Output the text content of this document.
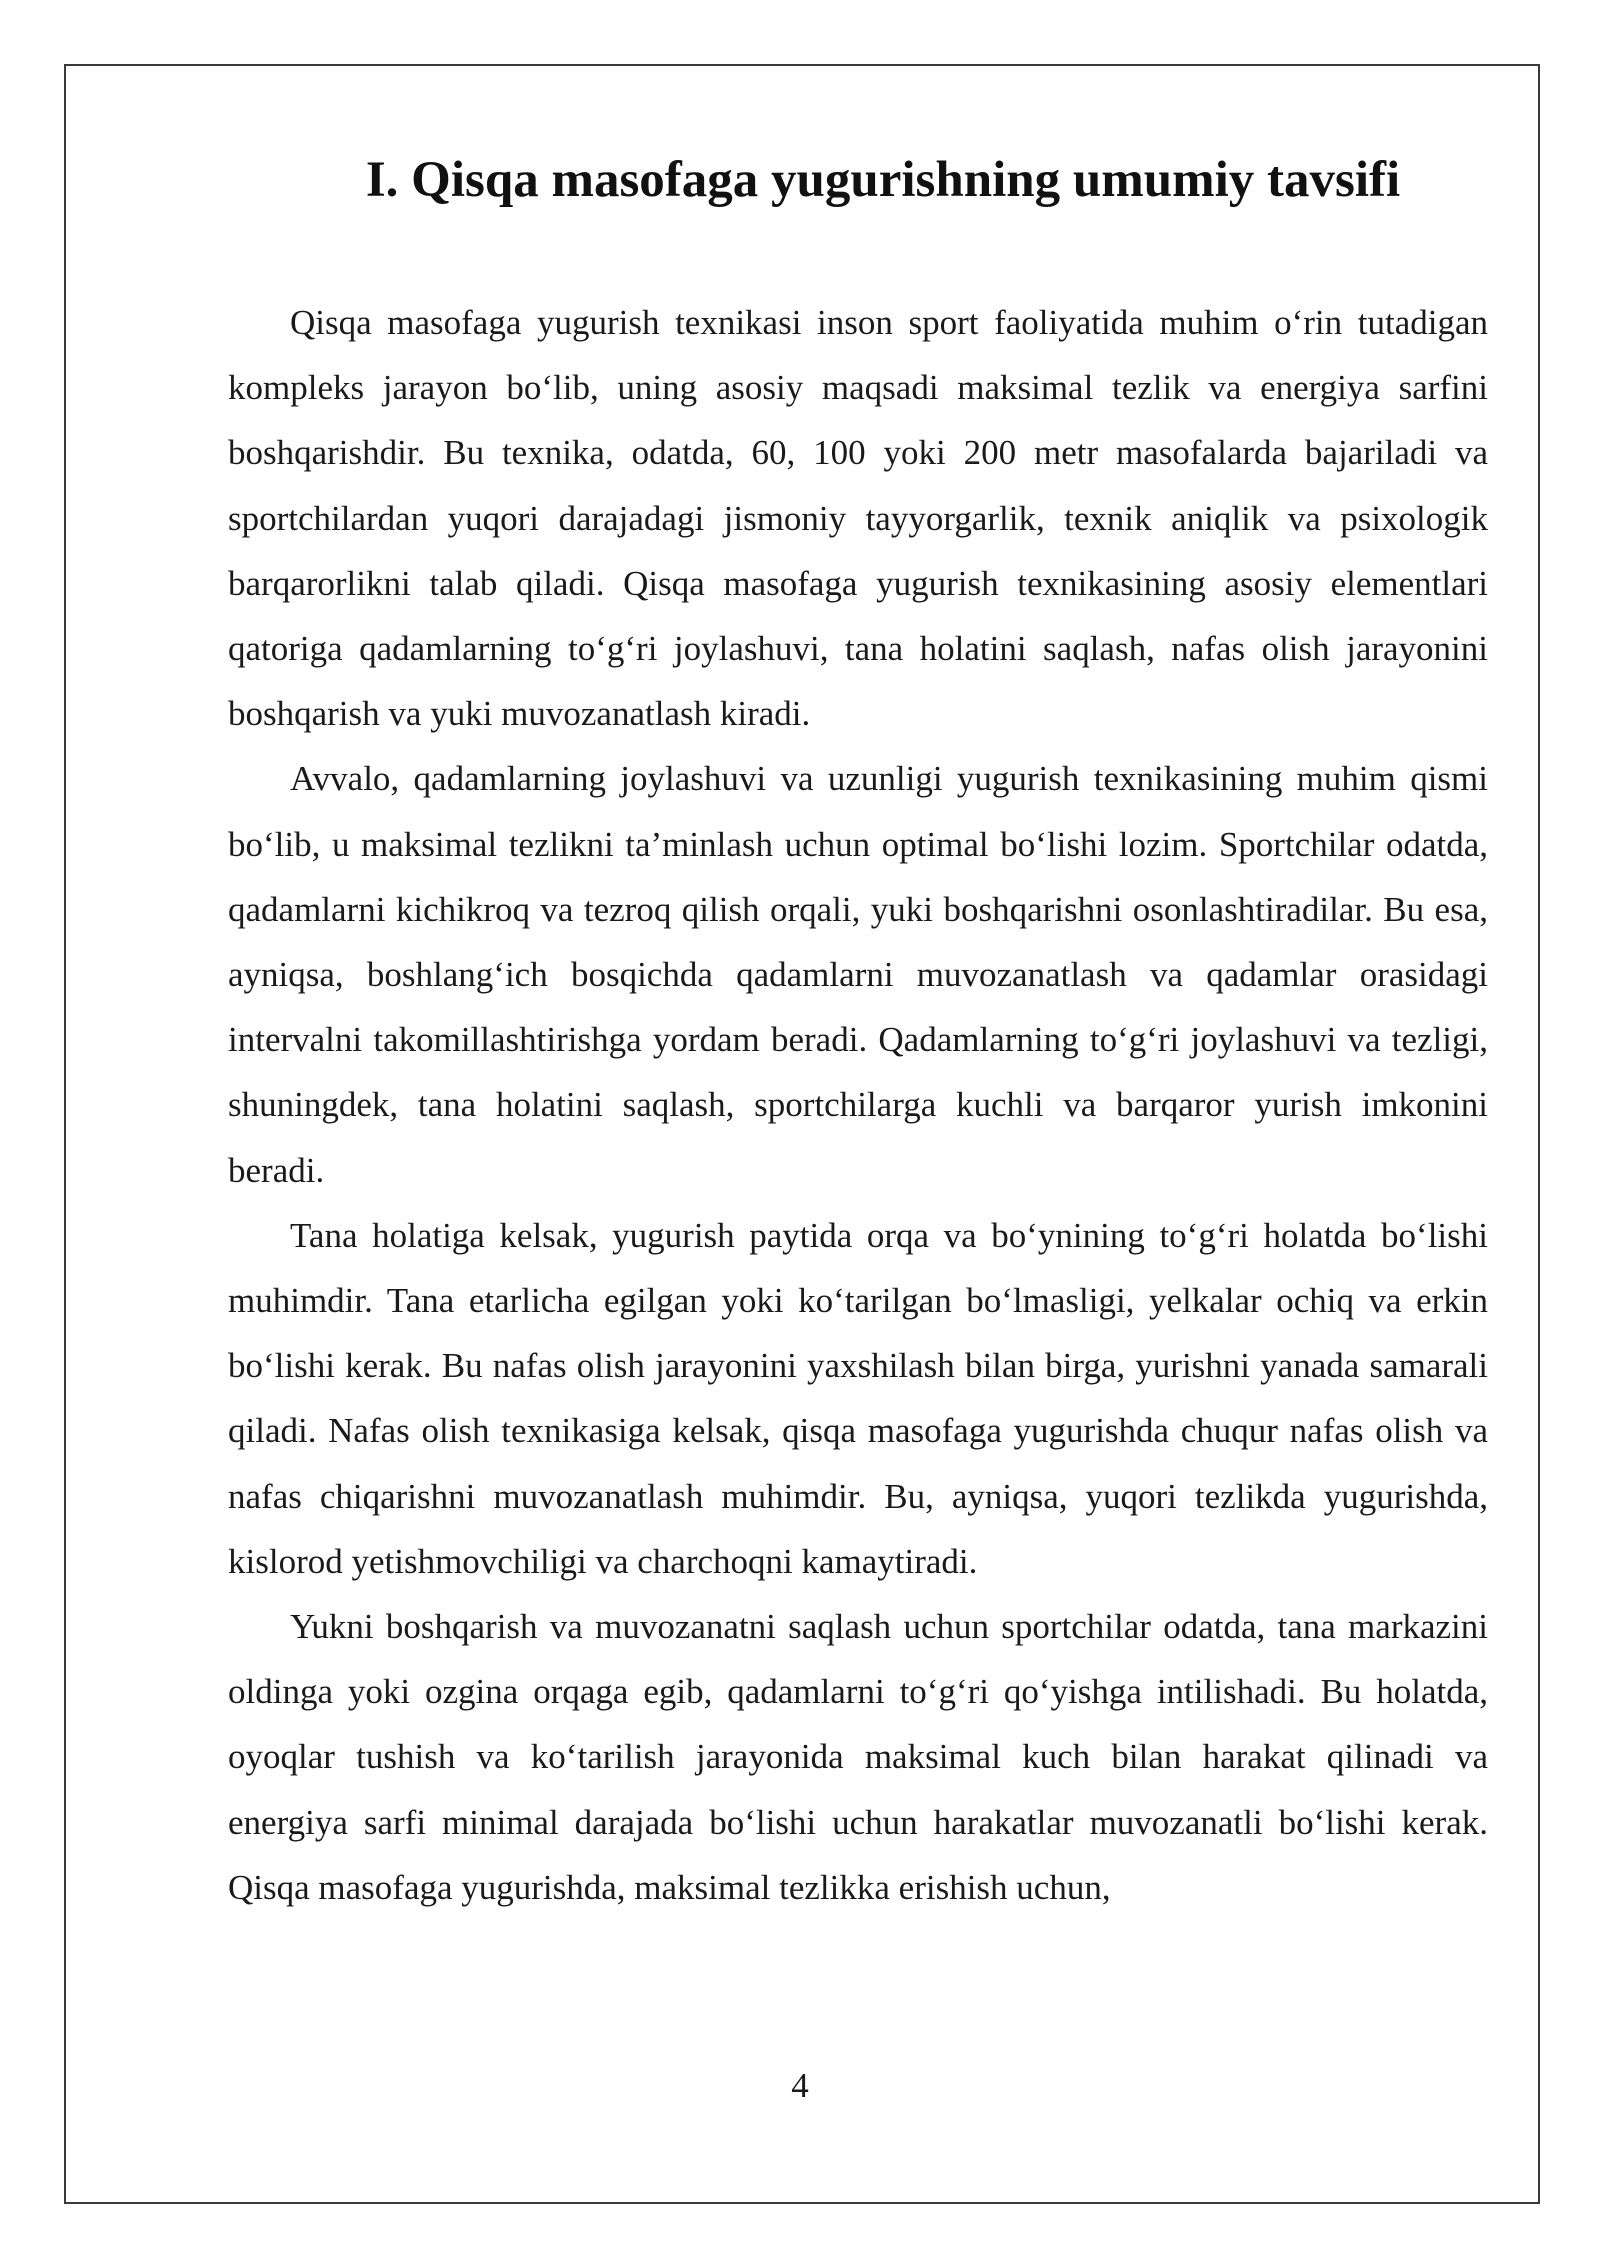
I. Qisqa masofaga yugurishning umumiy tavsifi

Qisqa masofaga yugurish texnikasi inson sport faoliyatida muhim o‘rin tutadigan kompleks jarayon bo‘lib, uning asosiy maqsadi maksimal tezlik va energiya sarfini boshqarishdir. Bu texnika, odatda, 60, 100 yoki 200 metr masofalarda bajariladi va sportchilardan yuqori darajadagi jismoniy tayyorgarlik, texnik aniqlik va psixologik barqarorlikni talab qiladi. Qisqa masofaga yugurish texnikasining asosiy elementlari qatoriga qadamlarning to‘g‘ri joylashuvi, tana holatini saqlash, nafas olish jarayonini boshqarish va yuki muvozanatlash kiradi.

Avvalo, qadamlarning joylashuvi va uzunligi yugurish texnikasining muhim qismi bo‘lib, u maksimal tezlikni ta’minlash uchun optimal bo‘lishi lozim. Sportchilar odatda, qadamlarni kichikroq va tezroq qilish orqali, yuki boshqarishni osonlashtiradilar. Bu esa, ayniqsa, boshlang‘ich bosqichda qadamlarni muvozanatlash va qadamlar orasidagi intervalni takomillashtirishga yordam beradi. Qadamlarning to‘g‘ri joylashuvi va tezligi, shuningdek, tana holatini saqlash, sportchilarga kuchli va barqaror yurish imkonini beradi.

Tana holatiga kelsak, yugurish paytida orqa va bo‘ynining to‘g‘ri holatda bo‘lishi muhimdir. Tana etarlicha egilgan yoki ko‘tarilgan bo‘lmasligi, yelkalar ochiq va erkin bo‘lishi kerak. Bu nafas olish jarayonini yaxshilash bilan birga, yurishni yanada samarali qiladi. Nafas olish texnikasiga kelsak, qisqa masofaga yugurishda chuqur nafas olish va nafas chiqarishni muvozanatlash muhimdir. Bu, ayniqsa, yuqori tezlikda yugurishda, kislorod yetishmovchiligi va charchoqni kamaytiradi.

Yukni boshqarish va muvozanatni saqlash uchun sportchilar odatda, tana markazini oldinga yoki ozgina orqaga egib, qadamlarni to‘g‘ri qo‘yishga intilishadi. Bu holatda, oyoqlar tushish va ko‘tarilish jarayonida maksimal kuch bilan harakat qilinadi va energiya sarfi minimal darajada bo‘lishi uchun harakatlar muvozanatli bo‘lishi kerak. Qisqa masofaga yugurishda, maksimal tezlikka erishish uchun,

4
